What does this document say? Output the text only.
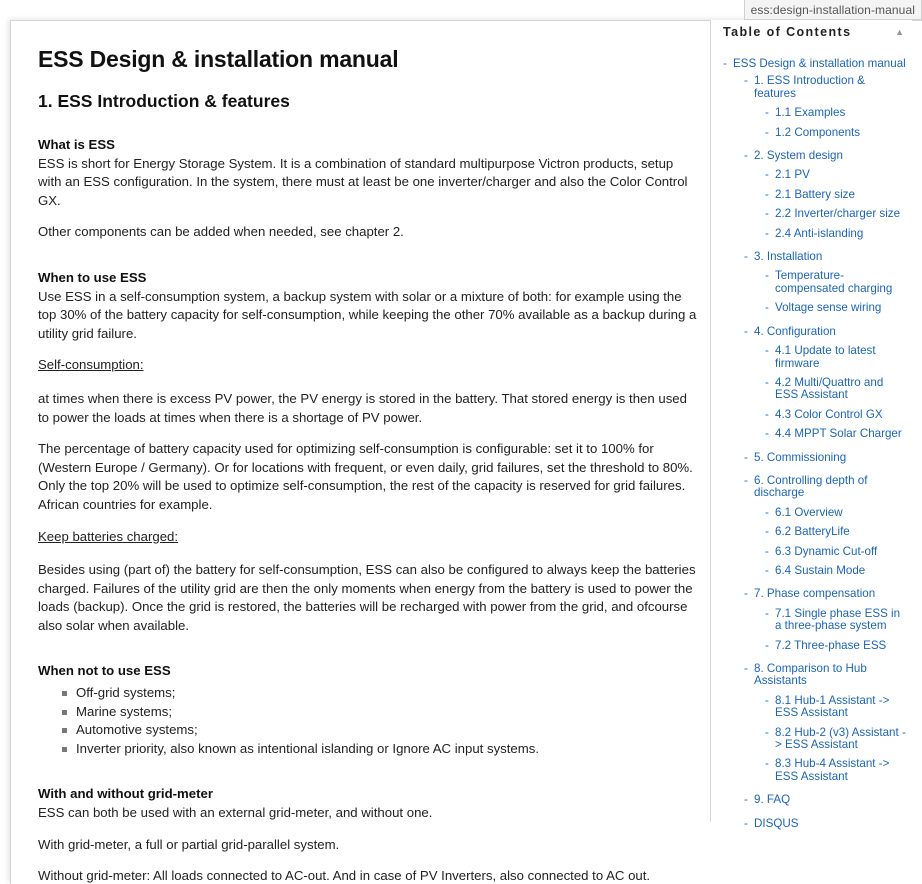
ess:design-installation-manual
ESS Design & installation manual
1. ESS Introduction & features
What is ESS

ESS is short for Energy Storage System. It is a combination of standard multipurpose Victron products, setup with an ESS configuration. In the system, there must at least be one inverter/charger and also the Color Control GX.

Other components can be added when needed, see chapter 2.

When to use ESS

Use ESS in a self-consumption system, a backup system with solar or a mixture of both: for example using the top 30% of the battery capacity for self-consumption, while keeping the other 70% available as a backup during a utility grid failure.

Self-consumption:

at times when there is excess PV power, the PV energy is stored in the battery. That stored energy is then used to power the loads at times when there is a shortage of PV power.

The percentage of battery capacity used for optimizing self-consumption is configurable: set it to 100% for (Western Europe / Germany). Or for locations with frequent, or even daily, grid failures, set the threshold to 80%. Only the top 20% will be used to optimize self-consumption, the rest of the capacity is reserved for grid failures. African countries for example.

Keep batteries charged:

Besides using (part of) the battery for self-consumption, ESS can also be configured to always keep the batteries charged. Failures of the utility grid are then the only moments when energy from the battery is used to power the loads (backup). Once the grid is restored, the batteries will be recharged with power from the grid, and ofcourse also solar when available.

When not to use ESS
Off-grid systems;
Marine systems;
Automotive systems;
Inverter priority, also known as intentional islanding or Ignore AC input systems.
With and without grid-meter

ESS can both be used with an external grid-meter, and without one.

With grid-meter, a full or partial grid-parallel system.

Without grid-meter: All loads connected to AC-out. And in case of PV Inverters, also connected to AC out.

Table of Contents	▲
- ESS Design & installation manual
- 1. ESS Introduction & features
- 1.1 Examples
- 1.2 Components
- 2. System design
- 2.1 PV
- 2.1 Battery size
- 2.2 Inverter/charger size
- 2.4 Anti-islanding
- 3. Installation
- Temperature-compensated charging
- Voltage sense wiring
- 4. Configuration
- 4.1 Update to latest firmware
- 4.2 Multi/Quattro and ESS Assistant
- 4.3 Color Control GX
- 4.4 MPPT Solar Charger
- 5. Commissioning
- 6. Controlling depth of discharge
- 6.1 Overview
- 6.2 BatteryLife
- 6.3 Dynamic Cut-off
- 6.4 Sustain Mode
- 7. Phase compensation
- 7.1 Single phase ESS in a three-phase system
- 7.2 Three-phase ESS
- 8. Comparison to Hub Assistants
- 8.1 Hub-1 Assistant -> ESS Assistant
- 8.2 Hub-2 (v3) Assistant -> ESS Assistant
- 8.3 Hub-4 Assistant -> ESS Assistant
- 9. FAQ
- DISQUS
